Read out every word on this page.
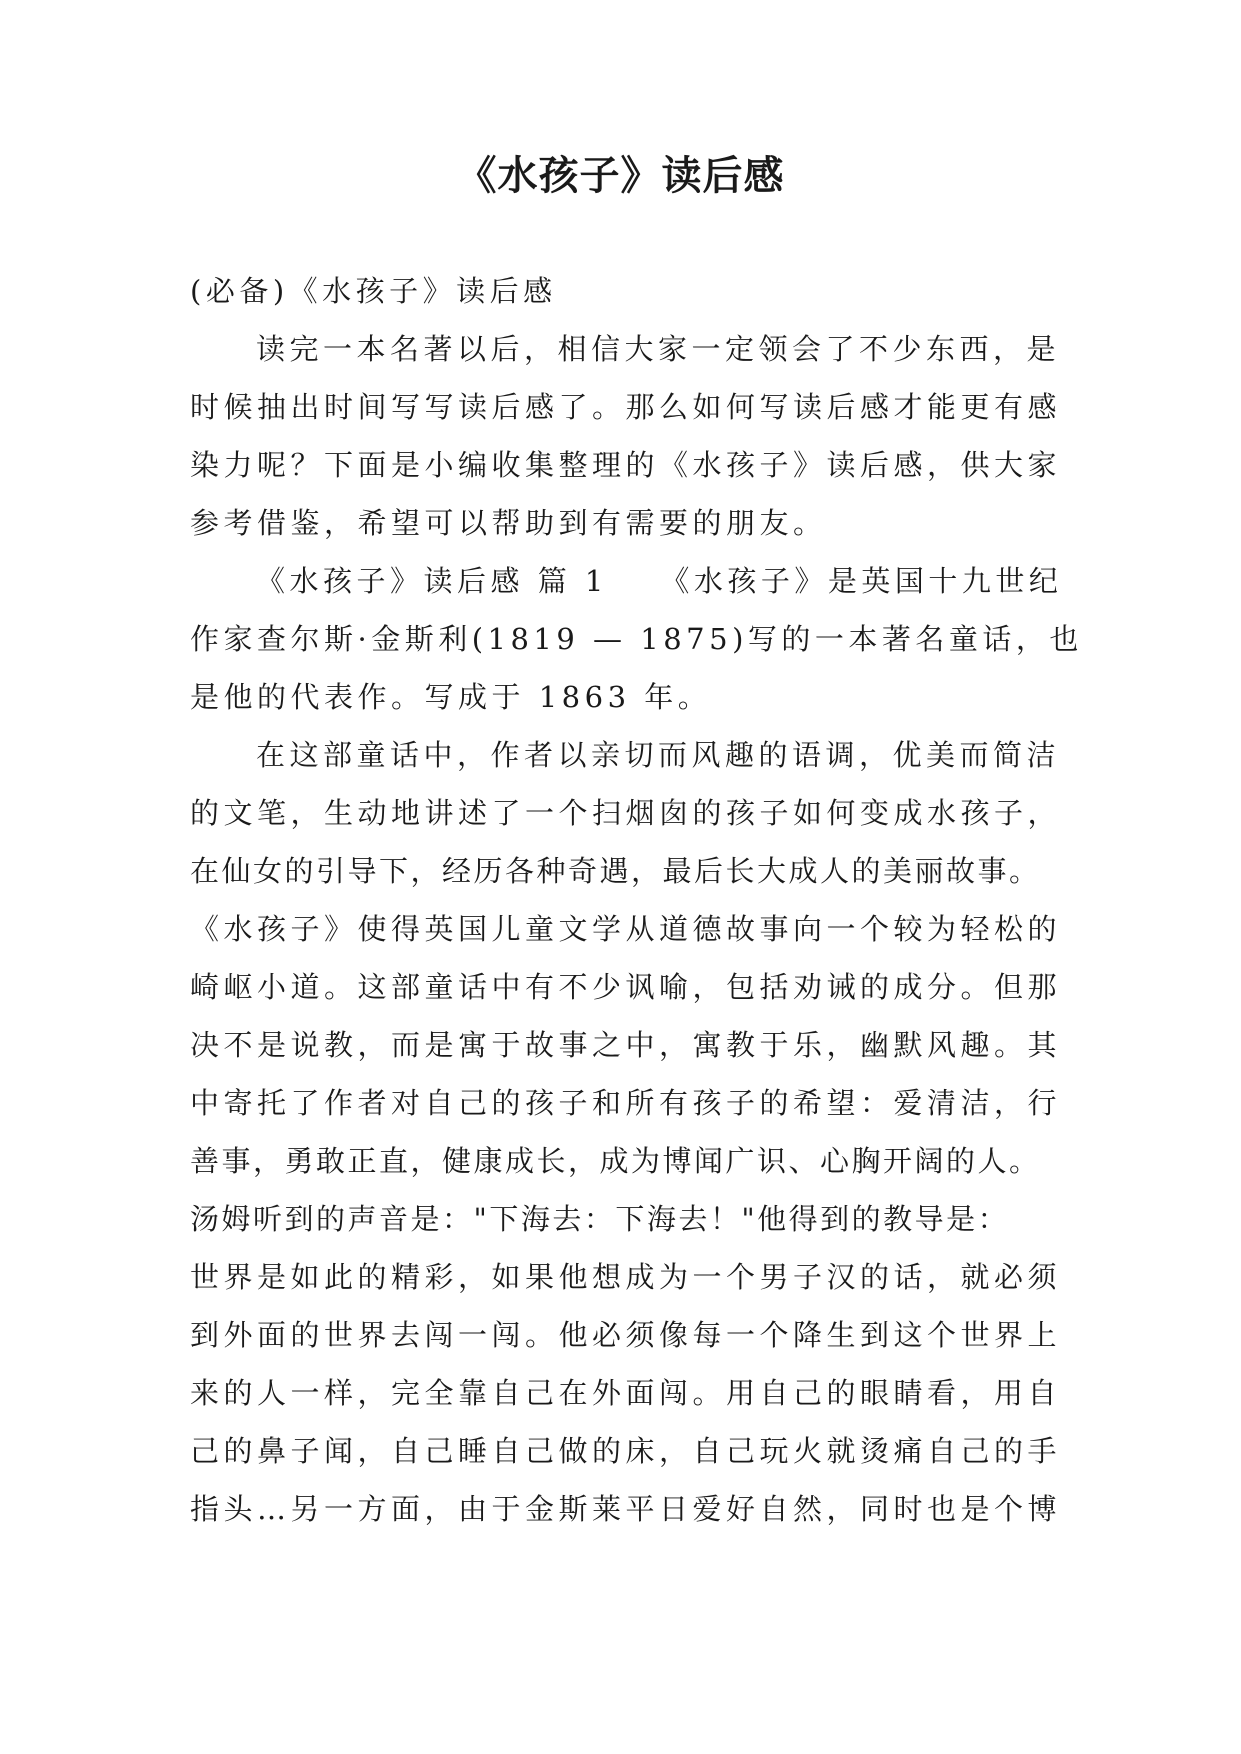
《水孩子》读后感
(必备)《水孩子》读后感
读完一本名著以后，相信大家一定领会了不少东西，是
时候抽出时间写写读后感了。那么如何写读后感才能更有感
染力呢？下面是小编收集整理的《水孩子》读后感，供大家
参考借鉴，希望可以帮助到有需要的朋友。
《水孩子》读后感 篇 1　　《水孩子》是英国十九世纪
作家查尔斯·金斯利(1819 — 1875)写的一本著名童话，也
是他的代表作。写成于 1863 年。
在这部童话中，作者以亲切而风趣的语调，优美而简洁
的文笔，生动地讲述了一个扫烟囱的孩子如何变成水孩子，
在仙女的引导下，经历各种奇遇，最后长大成人的美丽故事。
《水孩子》使得英国儿童文学从道德故事向一个较为轻松的
崎岖小道。这部童话中有不少讽喻，包括劝诫的成分。但那
决不是说教，而是寓于故事之中，寓教于乐，幽默风趣。其
中寄托了作者对自己的孩子和所有孩子的希望：爱清洁，行
善事，勇敢正直，健康成长，成为博闻广识、心胸开阔的人。
汤姆听到的声音是："下海去：下海去！"他得到的教导是：
世界是如此的精彩，如果他想成为一个男子汉的话，就必须
到外面的世界去闯一闯。他必须像每一个降生到这个世界上
来的人一样，完全靠自己在外面闯。用自己的眼睛看，用自
己的鼻子闻，自己睡自己做的床，自己玩火就烫痛自己的手
指头…另一方面，由于金斯莱平日爱好自然，同时也是个博
